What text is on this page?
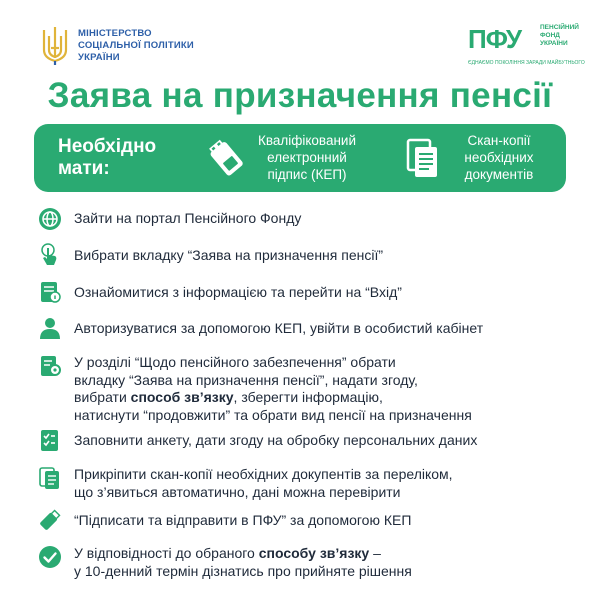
МІНІСТЕРСТВО
СОЦІАЛЬНОЇ ПОЛІТИКИ
УКРАЇНИ
ПФУ	ПЕНСІЙНИЙ
ФОНД
УКРАЇНИ
ЄДНАЄМО ПОКОЛІННЯ ЗАРАДИ МАЙБУТНЬОГО
Заява на призначення пенсії
Необхідно
мати:
Кваліфікований
електронний
підпис (КЕП)
Скан-копії
необхідних
документів
Зайти на портал Пенсійного Фонду
Вибрати вкладку “Заява на призначення пенсії”
Ознайомитися з інформацією та перейти на “Вхід”
Авторизуватися за допомогою КЕП, увійти в особистий кабінет
У розділі “Щодо пенсійного забезпечення” обрати
вкладку “Заява на призначення пенсії”, надати згоду,
вибрати способ зв’язку, зберегти інформацію,
натиснути “продовжити” та обрати вид пенсії на призначення
Заповнити анкету, дати згоду на обробку персональних даних
Прикріпити скан-копії необхідних докупентів за переліком,
що з’явиться автоматично, дані можна перевірити
“Підписати та відправити в ПФУ” за допомогою КЕП
У відповідності до обраного способу зв’язку –
у 10-денний термін дізнатись про прийняте рішення
